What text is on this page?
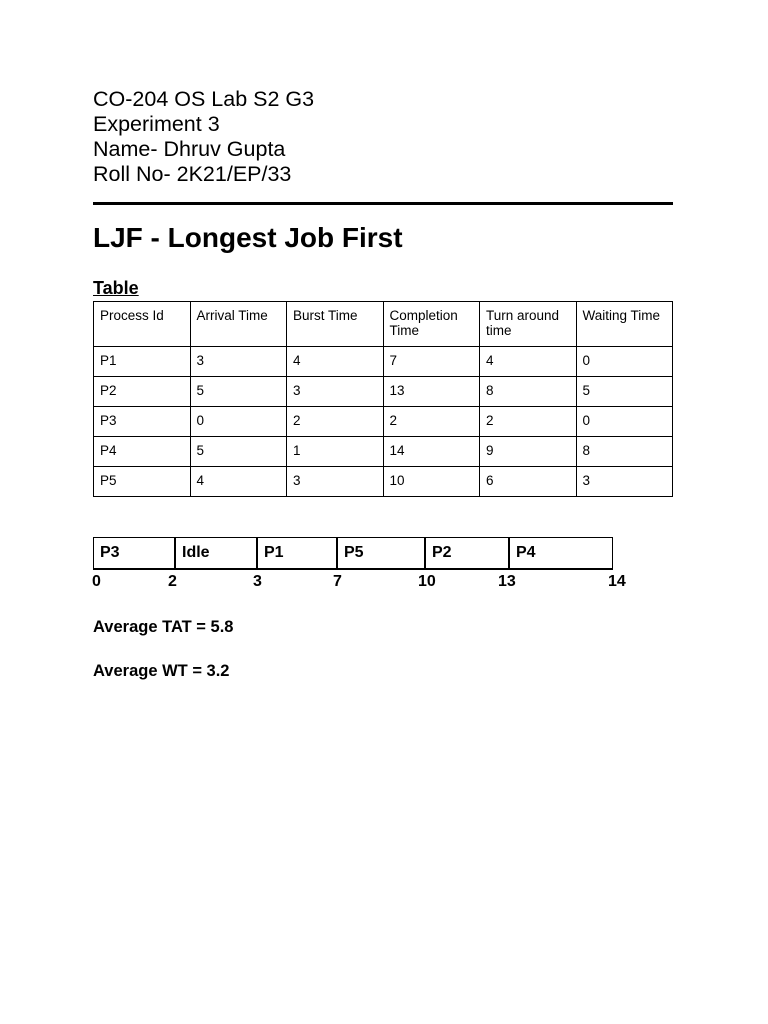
CO-204 OS Lab S2 G3
Experiment 3
Name- Dhruv Gupta
Roll No- 2K21/EP/33
LJF - Longest Job First
Table
Process Id	Arrival Time	Burst Time	Completion Time	Turn around time	Waiting Time
P1	3	4	7	4	0
P2	5	3	13	8	5
P3	0	2	2	2	0
P4	5	1	14	9	8
P5	4	3	10	6	3
P3	Idle	P1	P5	P2	P4
0	2	3	7	10	13	14
Average TAT = 5.8
Average WT = 3.2
